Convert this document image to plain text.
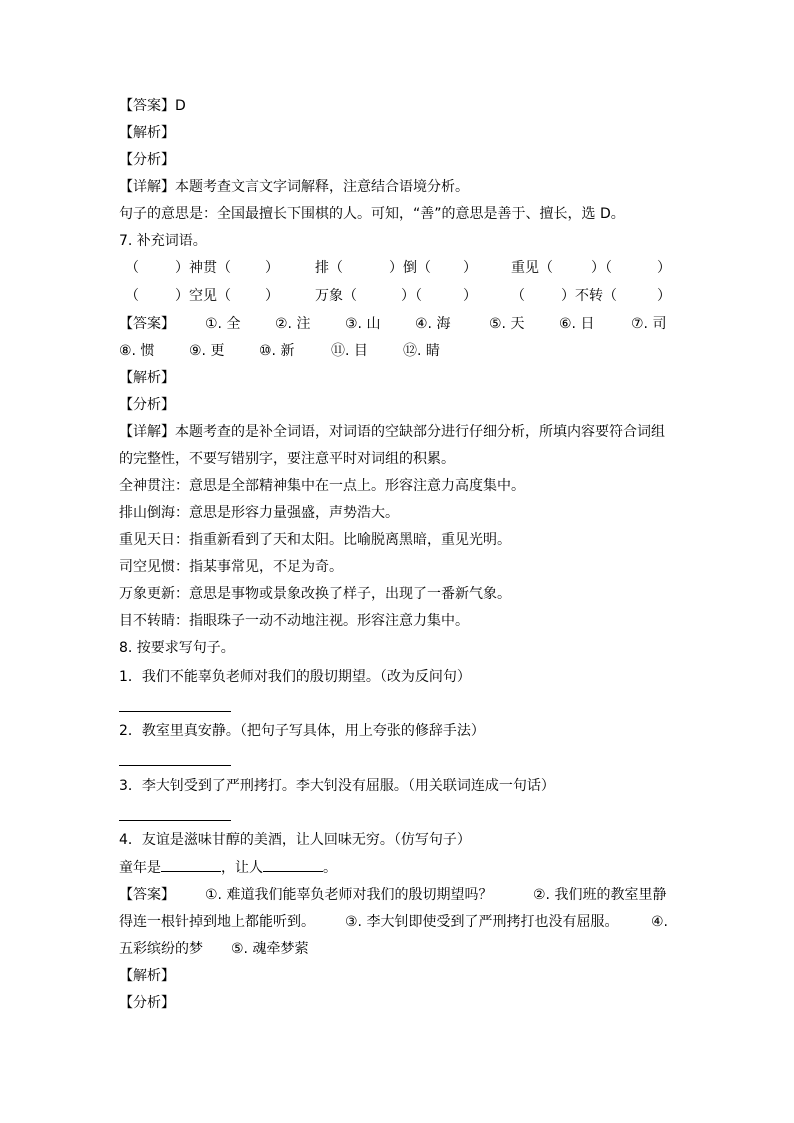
【答案】D
【解析】
【分析】
【详解】本题考查文言文字词解释，注意结合语境分析。
句子的意思是：全国最擅长下围棋的人。可知，“善”的意思是善于、擅长，选 D。
7. 补充词语。
（	）神贯（ ）	排（	）倒（ ） 重见（	）（	）
（	）空见（ ）	万象（	）（	） （	）不转（	）
【答案】 ①. 全 ②. 注 ③. 山 ④. 海	⑤. 天 ⑥. 日	⑦. 司
⑧. 惯 ⑨. 更 ⑩. 新	⑪. 目	⑫. 睛
【解析】
【分析】
【详解】本题考查的是补全词语，对词语的空缺部分进行仔细分析，所填内容要符合词组
的完整性，不要写错别字，要注意平时对词组的积累。
全神贯注：意思是全部精神集中在一点上。形容注意力高度集中。
排山倒海：意思是形容力量强盛，声势浩大。
重见天日：指重新看到了天和太阳。比喻脱离黑暗，重见光明。
司空见惯：指某事常见，不足为奇。
万象更新：意思是事物或景象改换了样子，出现了一番新气象。
目不转睛：指眼珠子一动不动地注视。形容注意力集中。
8. 按要求写句子。
1．我们不能辜负老师对我们的殷切期望。（改为反问句）
2．教室里真安静。（把句子写具体，用上夸张的修辞手法）
3．李大钊受到了严刑拷打。李大钊没有屈服。（用关联词连成一句话）
4．友谊是滋味甘醇的美酒，让人回味无穷。（仿写句子）
童年是	，让人	。
【答案】 ①. 难道我们能辜负老师对我们的殷切期望吗？	②. 我们班的教室里静
得连一根针掉到地上都能听到。 ③. 李大钊即使受到了严刑拷打也没有屈服。 ④.
五彩缤纷的梦 ⑤. 魂牵梦萦
【解析】
【分析】
